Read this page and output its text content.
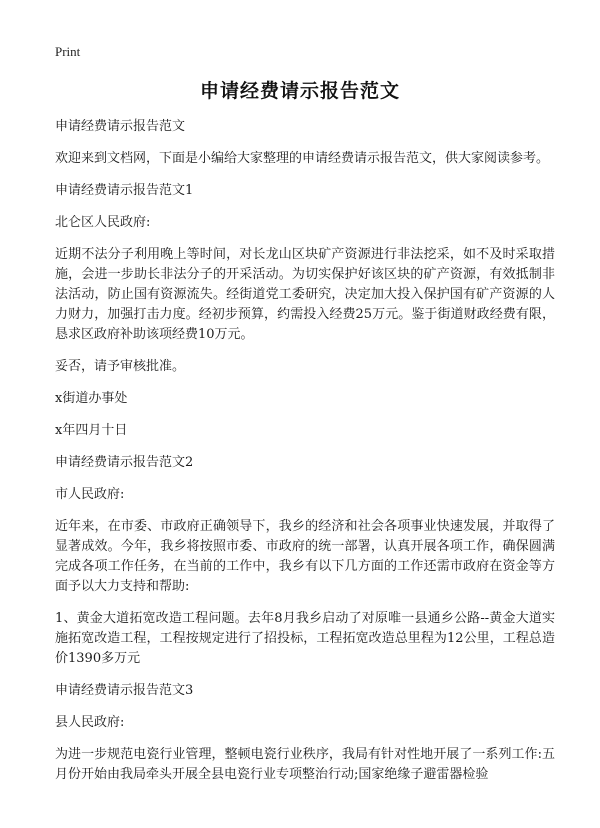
Print
申请经费请示报告范文

申请经费请示报告范文

欢迎来到文档网，下面是小编给大家整理的申请经费请示报告范文，供大家阅读参考。

申请经费请示报告范文1

北仑区人民政府:

近期不法分子利用晚上等时间，对长龙山区块矿产资源进行非法挖采，如不及时采取措施，会进一步助长非法分子的开采活动。为切实保护好该区块的矿产资源，有效抵制非法活动，防止国有资源流失。经街道党工委研究，决定加大投入保护国有矿产资源的人力财力，加强打击力度。经初步预算，约需投入经费25万元。鉴于街道财政经费有限，恳求区政府补助该项经费10万元。

妥否，请予审核批准。

x街道办事处

x年四月十日

申请经费请示报告范文2

市人民政府:

近年来，在市委、市政府正确领导下，我乡的经济和社会各项事业快速发展，并取得了显著成效。今年，我乡将按照市委、市政府的统一部署，认真开展各项工作，确保圆满完成各项工作任务，在当前的工作中，我乡有以下几方面的工作还需市政府在资金等方面予以大力支持和帮助:

1、黄金大道拓宽改造工程问题。去年8月我乡启动了对原唯一县通乡公路--黄金大道实施拓宽改造工程，工程按规定进行了招投标，工程拓宽改造总里程为12公里，工程总造价1390多万元

申请经费请示报告范文3

县人民政府:

为进一步规范电瓷行业管理，整顿电瓷行业秩序，我局有针对性地开展了一系列工作:五月份开始由我局牵头开展全县电瓷行业专项整治行动;国家绝缘子避雷器检验
